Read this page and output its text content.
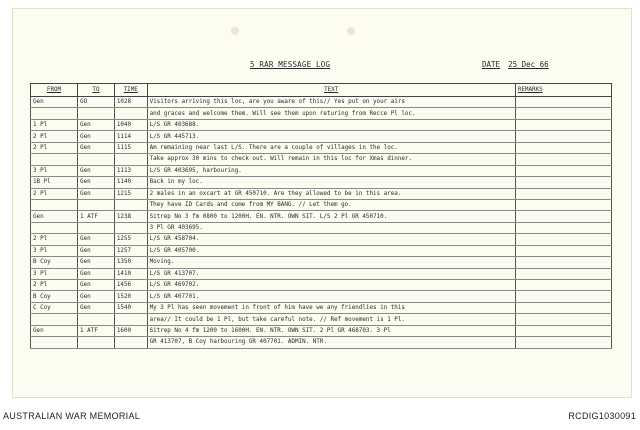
5 RAR MESSAGE LOG	DATE 25 Dec 66
FROM	TO	TIME	TEXT	REMARKS
Gen	GO	1028	Visitors arriving this loc, are you aware of this// Yes put on your airs	
			and graces and welcome them. Will see them upon returing from Recce Pl loc.	
1 Pl	Gen	1040	L/S GR 403688.	
2 Pl	Gen	1114	L/S GR 445713.	
2 Pl	Gen	1115	Am remaining near last L/S. There are a couple of villages in the loc.	
			Take approx 30 mins to check out. Will remain in this loc for Xmas dinner.	
3 Pl	Gen	1113	L/S GR 403695, harbouring.	
1B Pl	Gen	1140	Back in my loc.	
2 Pl	Gen	1215	2 males in an oxcart at GR 450710. Are they allowed to be in this area.	
			They have ID Cards and come from MY BANG. // Let them go.	
Gen	1 ATF	1238	Sitrep No 3 fm 0800 to 1200H. EN. NTR. OWN SIT. L/S 2 Pl GR 450710.	
			3 Pl GR 403695.	
2 Pl	Gen	1255	L/S GR 458704.	
3 Pl	Gen	1257	L/S GR 405700.	
B Coy	Gen	1350	Moving.	
3 Pl	Gen	1410	L/S GR 413707.	
2 Pl	Gen	1456	L/S GR 469702.	
B Coy	Gen	1520	L/S GR 407701.	
C Coy	Gen	1540	My 3 Pl has seen movement in front of him have we any friendlies in this	
			area// It could be 1 Pl, but take careful note. // Ref movement is 1 Pl.	
Gen	1 ATF	1600	Sitrep No 4 fm 1200 to 1600H. EN. NTR. OWN SIT. 2 Pl GR 468703. 3 Pl	
			GR 413707, B Coy harbouring GR 407701. ADMIN. NTR.	
AUSTRALIAN WAR MEMORIAL	RCDIG1030091
